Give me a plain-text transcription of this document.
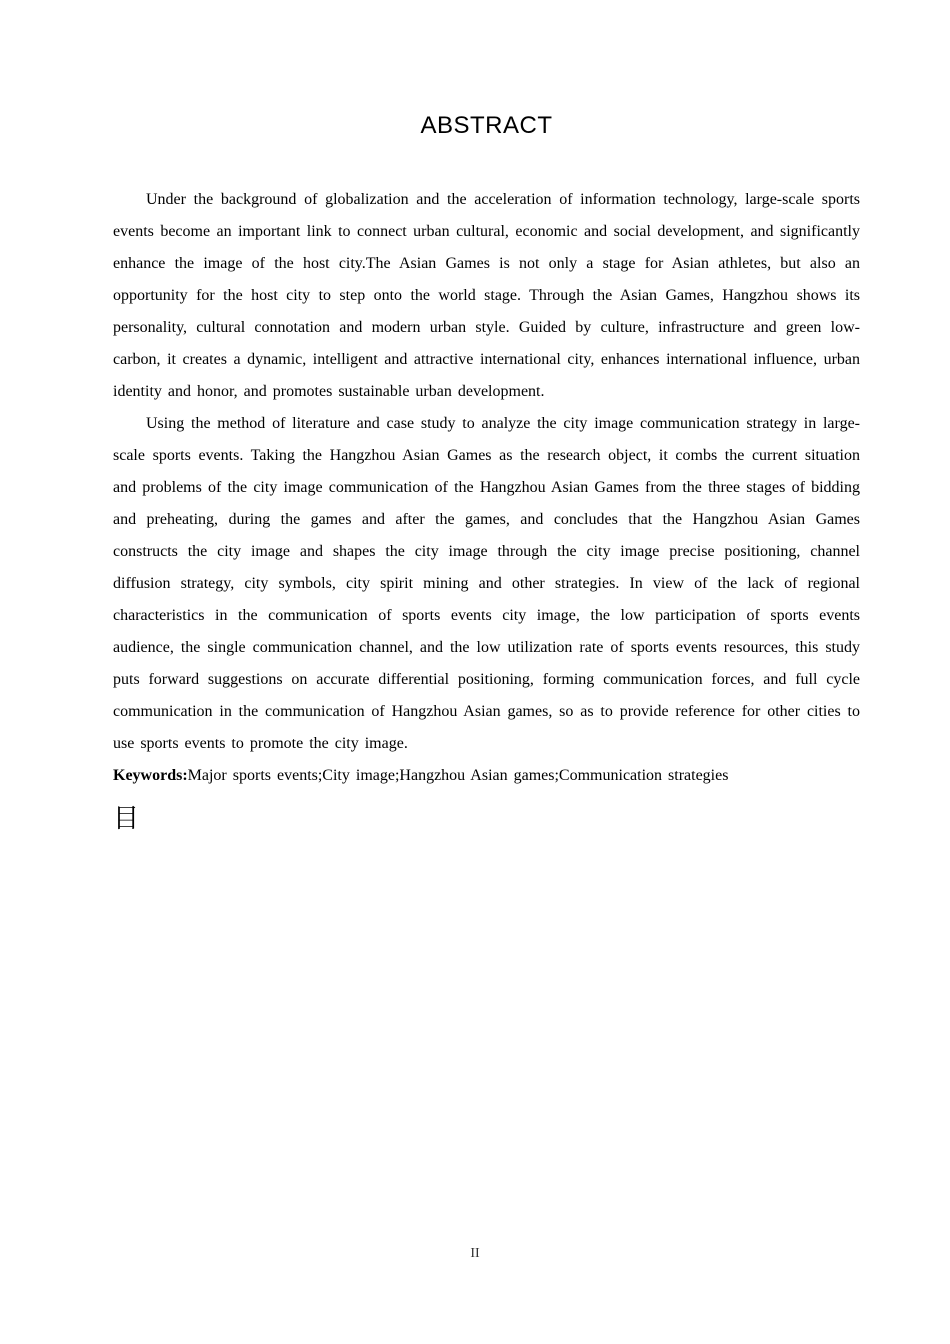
ABSTRACT

Under the background of globalization and the acceleration of information technology, large-scale sports events become an important link to connect urban cultural, economic and social development, and significantly enhance the image of the host city.The Asian Games is not only a stage for Asian athletes, but also an opportunity for the host city to step onto the world stage. Through the Asian Games, Hangzhou shows its personality, cultural connotation and modern urban style. Guided by culture, infrastructure and green low-carbon, it creates a dynamic, intelligent and attractive international city, enhances international influence, urban identity and honor, and promotes sustainable urban development.

Using the method of literature and case study to analyze the city image communication strategy in large-scale sports events. Taking the Hangzhou Asian Games as the research object, it combs the current situation and problems of the city image communication of the Hangzhou Asian Games from the three stages of bidding and preheating, during the games and after the games, and concludes that the Hangzhou Asian Games constructs the city image and shapes the city image through the city image precise positioning, channel diffusion strategy, city symbols, city spirit mining and other strategies. In view of the lack of regional characteristics in the communication of sports events city image, the low participation of sports events audience, the single communication channel, and the low utilization rate of sports events resources, this study puts forward suggestions on accurate differential positioning, forming communication forces, and full cycle communication in the communication of Hangzhou Asian games, so as to provide reference for other cities to use sports events to promote the city image.

Keywords:Major sports events;City image;Hangzhou Asian games;Communication strategies

目
II
